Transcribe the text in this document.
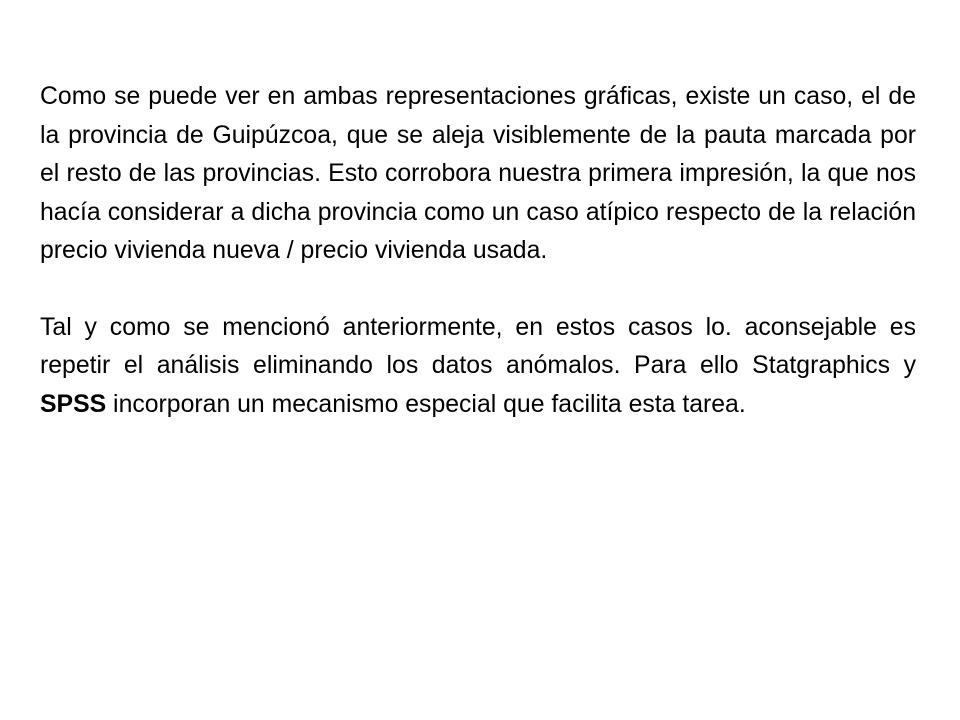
Como se puede ver en ambas representaciones gráficas, existe un caso, el de la provincia de Guipúzcoa, que se aleja visiblemente de la pauta marcada por el resto de las provincias. Esto corrobora nuestra primera impresión, la que nos hacía considerar a dicha provincia como un caso atípico respecto de la relación precio vivienda nueva / precio vivienda usada.

Tal y como se mencionó anteriormente, en estos casos lo. aconsejable es repetir el análisis eliminando los datos anómalos. Para ello Statgraphics y SPSS incorporan un mecanismo especial que facilita esta tarea.
